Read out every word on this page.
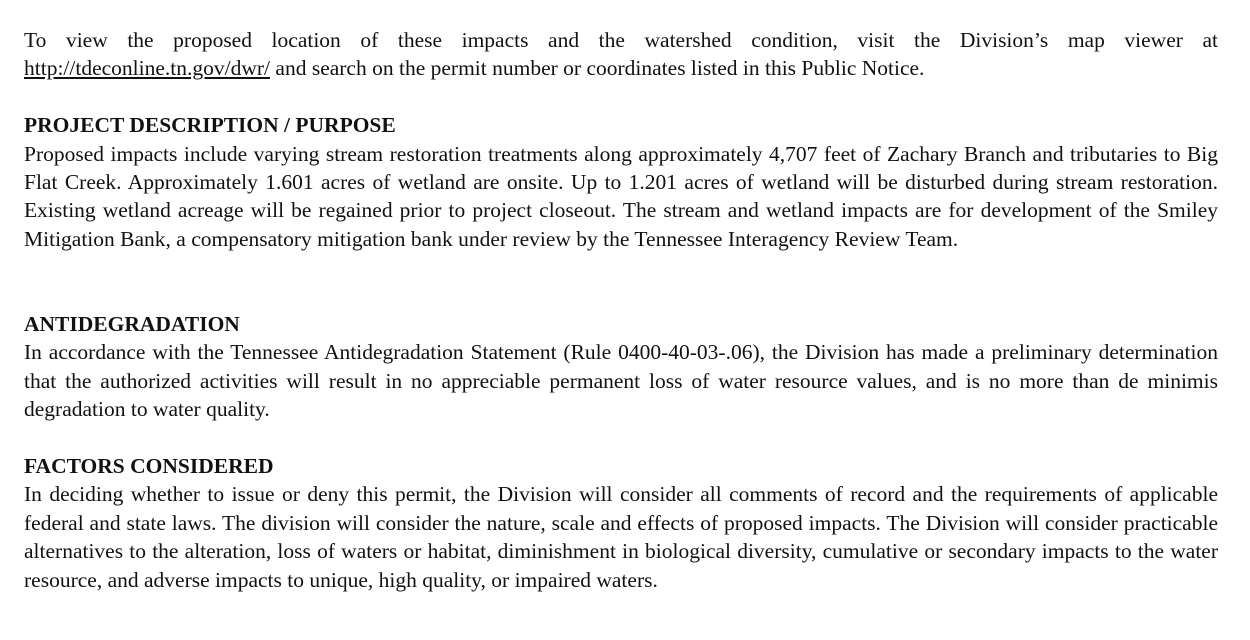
To view the proposed location of these impacts and the watershed condition, visit the Division’s map viewer at http://tdeconline.tn.gov/dwr/ and search on the permit number or coordinates listed in this Public Notice.

PROJECT DESCRIPTION / PURPOSE

Proposed impacts include varying stream restoration treatments along approximately 4,707 feet of Zachary Branch and tributaries to Big Flat Creek. Approximately 1.601 acres of wetland are onsite. Up to 1.201 acres of wetland will be disturbed during stream restoration. Existing wetland acreage will be regained prior to project closeout. The stream and wetland impacts are for development of the Smiley Mitigation Bank, a compensatory mitigation bank under review by the Tennessee Interagency Review Team.

ANTIDEGRADATION

In accordance with the Tennessee Antidegradation Statement (Rule 0400-40-03-.06), the Division has made a preliminary determination that the authorized activities will result in no appreciable permanent loss of water resource values, and is no more than de minimis degradation to water quality.

FACTORS CONSIDERED

In deciding whether to issue or deny this permit, the Division will consider all comments of record and the requirements of applicable federal and state laws. The division will consider the nature, scale and effects of proposed impacts. The Division will consider practicable alternatives to the alteration, loss of waters or habitat, diminishment in biological diversity, cumulative or secondary impacts to the water resource, and adverse impacts to unique, high quality, or impaired waters.
